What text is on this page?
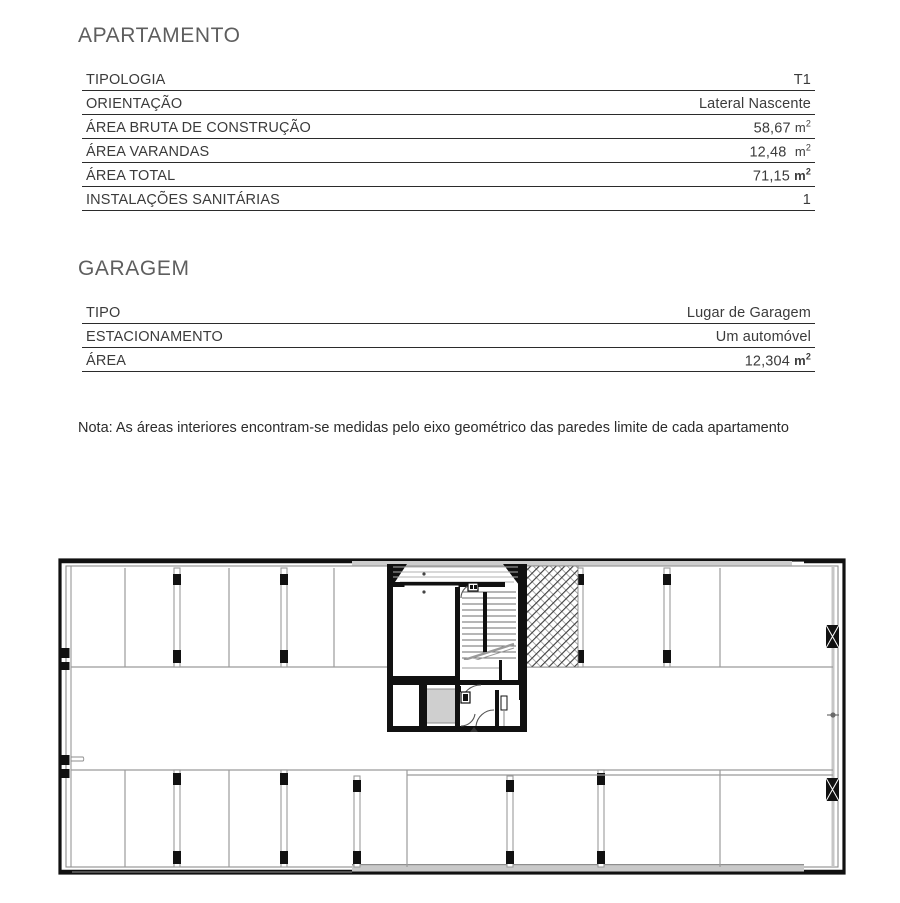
APARTAMENTO
TIPOLOGIA	T1
ORIENTAÇÃO	Lateral Nascente
ÁREA BRUTA DE CONSTRUÇÃO	58,67 $m^2$
ÁREA VARANDAS	12,48 $m^2$
ÁREA TOTAL	71,15 $m^2$
INSTALAÇÕES SANITÁRIAS	1
GARAGEM
TIPO	Lugar de Garagem
ESTACIONAMENTO	Um automóvel
ÁREA	12,304 $m^2$
Nota: As áreas interiores encontram-se medidas pelo eixo geométrico das paredes limite de cada apartamento
